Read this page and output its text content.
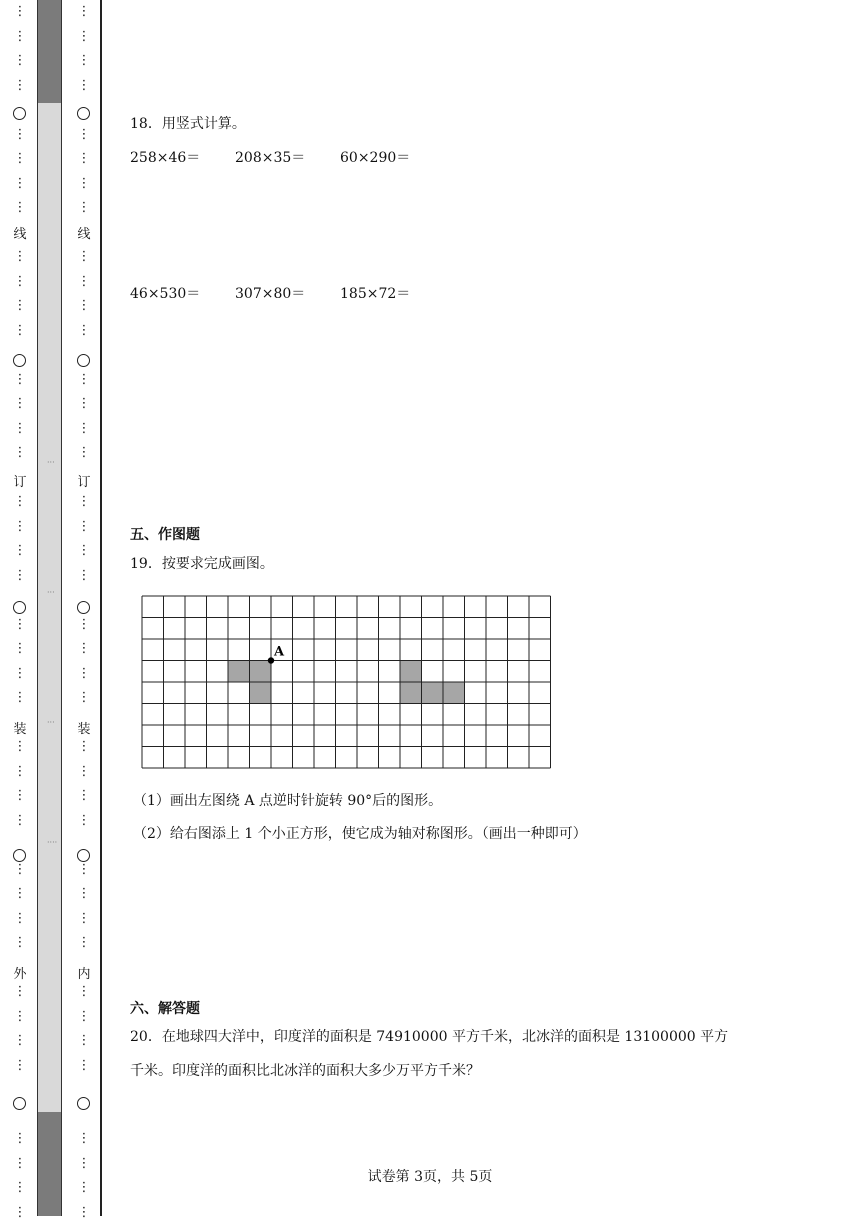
⋮
⋮
⋮
⋮
⋮
⋮
⋮
⋮
⋮
⋮
⋮
⋮
⋮
⋮
⋮
⋮
⋮
⋮
⋮
⋮
⋮
⋮
⋮
⋮
⋮
⋮
⋮
⋮
⋮
⋮
⋮
⋮
⋮
⋮
⋮
⋮
⋮
⋮
⋮
⋮
线
订
装
外
···
···
···
····
⋮
⋮
⋮
⋮
⋮
⋮
⋮
⋮
⋮
⋮
⋮
⋮
⋮
⋮
⋮
⋮
⋮
⋮
⋮
⋮
⋮
⋮
⋮
⋮
⋮
⋮
⋮
⋮
⋮
⋮
⋮
⋮
⋮
⋮
⋮
⋮
⋮
⋮
⋮
⋮
线
订
装
内
18．用竖式计算。
258×46＝ 208×35＝ 60×290＝
46×530＝ 307×80＝ 185×72＝
五、作图题
19．按要求完成画图。
A
（1）画出左图绕 A 点逆时针旋转 90°后的图形。
（2）给右图添上 1 个小正方形，使它成为轴对称图形。（画出一种即可）
六、解答题
20．在地球四大洋中，印度洋的面积是 74910000 平方千米，北冰洋的面积是 13100000 平方
千米。印度洋的面积比北冰洋的面积大多少万平方千米？
试卷第 3页，共 5页
